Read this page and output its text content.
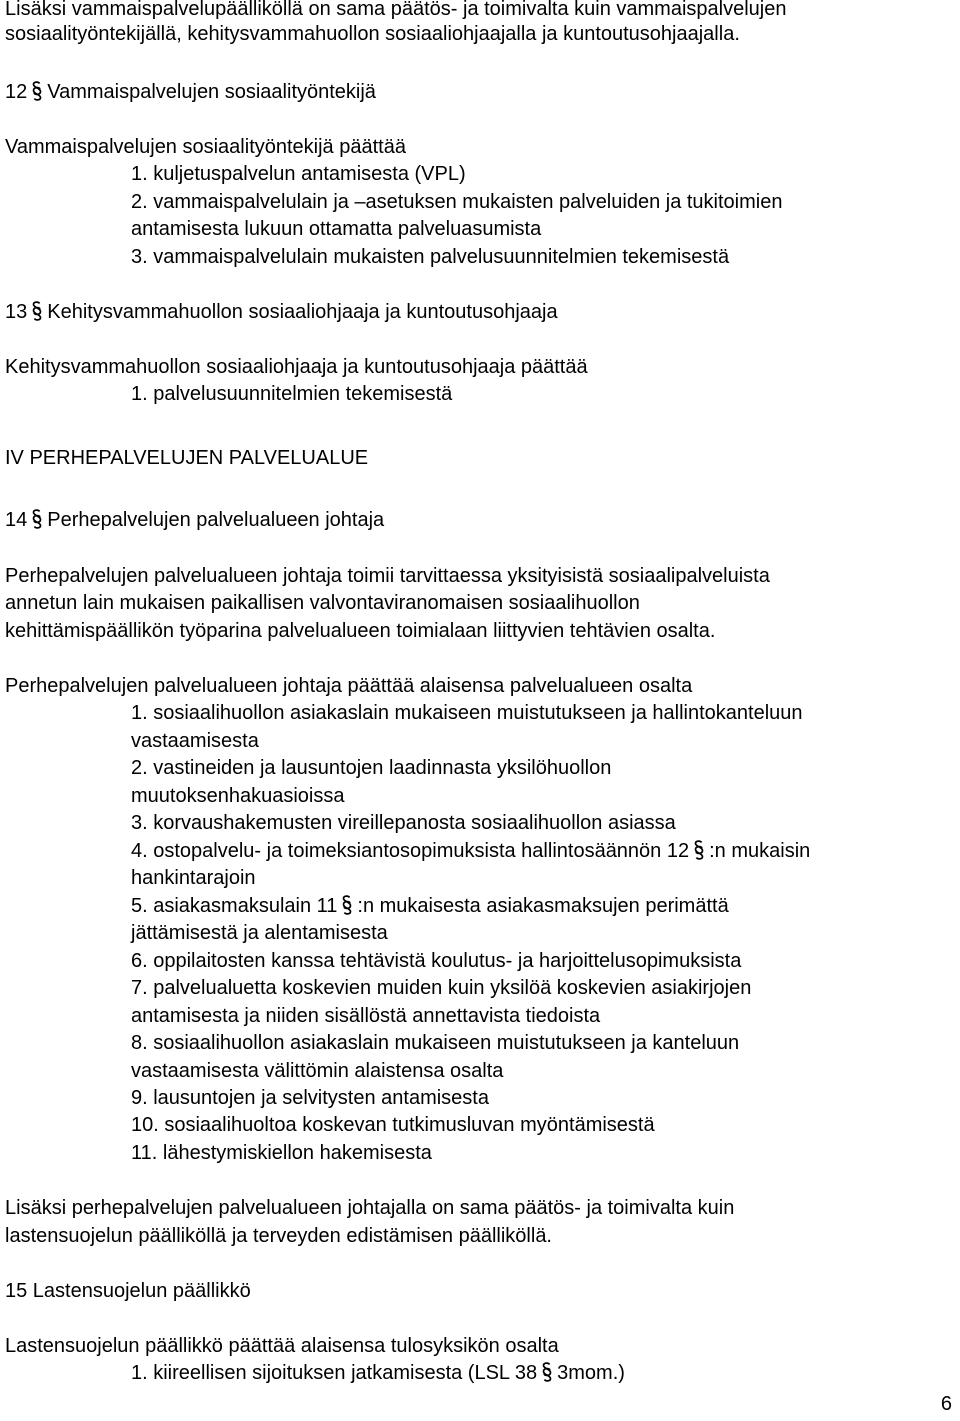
Lisäksi vammaispalvelupäälliköllä on sama päätös- ja toimivalta kuin vammaispalvelujen
sosiaalityöntekijällä, kehitysvammahuollon sosiaaliohjaajalla ja kuntoutusohjaajalla.
12 Vammaispalvelujen sosiaalityöntekijä
Vammaispalvelujen sosiaalityöntekijä päättää
1. kuljetuspalvelun antamisesta (VPL)
2. vammaispalvelulain ja –asetuksen mukaisten palveluiden ja tukitoimien
antamisesta lukuun ottamatta palveluasumista
3. vammaispalvelulain mukaisten palvelusuunnitelmien tekemisestä
13 Kehitysvammahuollon sosiaaliohjaaja ja kuntoutusohjaaja
Kehitysvammahuollon sosiaaliohjaaja ja kuntoutusohjaaja päättää
1. palvelusuunnitelmien tekemisestä
IV PERHEPALVELUJEN PALVELUALUE
14 Perhepalvelujen palvelualueen johtaja
Perhepalvelujen palvelualueen johtaja toimii tarvittaessa yksityisistä sosiaalipalveluista
annetun lain mukaisen paikallisen valvontaviranomaisen sosiaalihuollon
kehittämispäällikön työparina palvelualueen toimialaan liittyvien tehtävien osalta.
Perhepalvelujen palvelualueen johtaja päättää alaisensa palvelualueen osalta
1. sosiaalihuollon asiakaslain mukaiseen muistutukseen ja hallintokanteluun
vastaamisesta
2. vastineiden ja lausuntojen laadinnasta yksilöhuollon
muutoksenhakuasioissa
3. korvaushakemusten vireillepanosta sosiaalihuollon asiassa
4. ostopalvelu- ja toimeksiantosopimuksista hallintosäännön 12 :n mukaisin
hankintarajoin
5. asiakasmaksulain 11 :n mukaisesta asiakasmaksujen perimättä
jättämisestä ja alentamisesta
6. oppilaitosten kanssa tehtävistä koulutus- ja harjoittelusopimuksista
7. palvelualuetta koskevien muiden kuin yksilöä koskevien asiakirjojen
antamisesta ja niiden sisällöstä annettavista tiedoista
8. sosiaalihuollon asiakaslain mukaiseen muistutukseen ja kanteluun
vastaamisesta välittömin alaistensa osalta
9. lausuntojen ja selvitysten antamisesta
10. sosiaalihuoltoa koskevan tutkimusluvan myöntämisestä
11. lähestymiskiellon hakemisesta
Lisäksi perhepalvelujen palvelualueen johtajalla on sama päätös- ja toimivalta kuin
lastensuojelun päälliköllä ja terveyden edistämisen päälliköllä.
15 Lastensuojelun päällikkö
Lastensuojelun päällikkö päättää alaisensa tulosyksikön osalta
1. kiireellisen sijoituksen jatkamisesta (LSL 38 3mom.)
6
